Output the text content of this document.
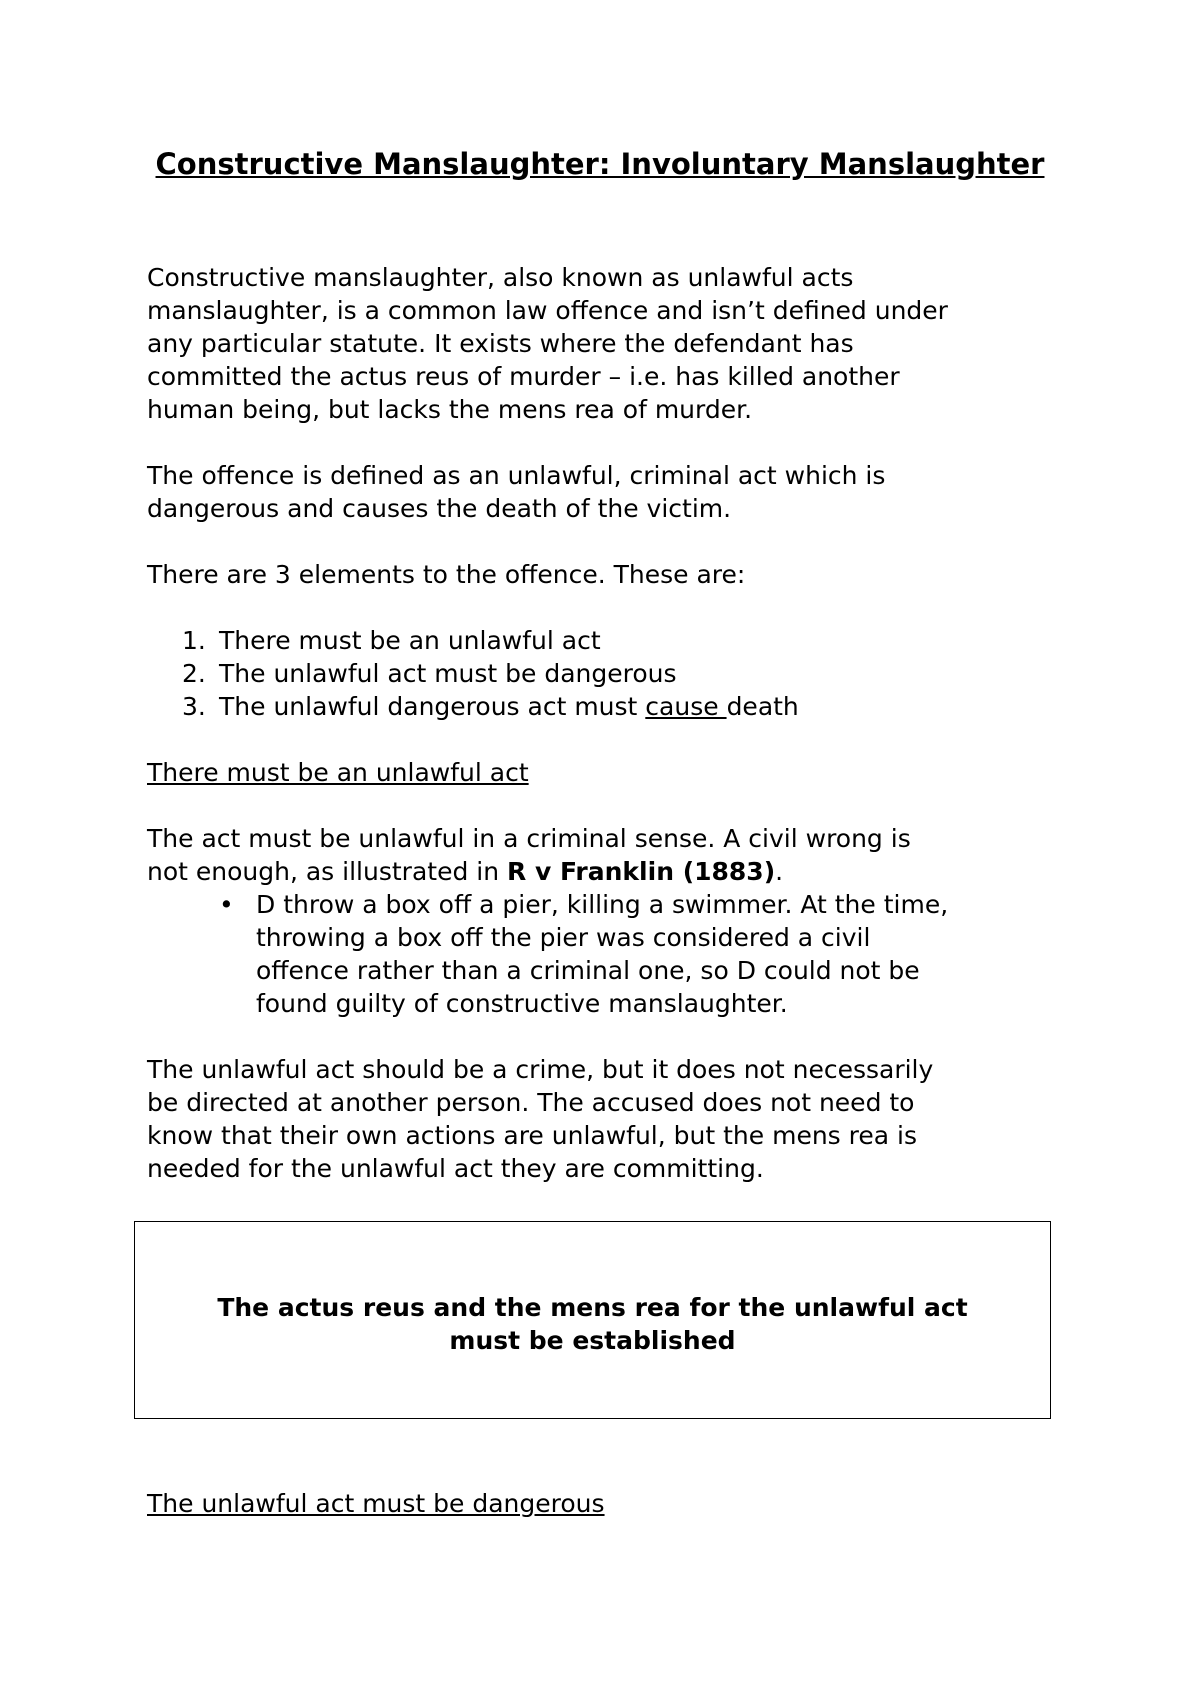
Constructive Manslaughter: Involuntary Manslaughter

Constructive manslaughter, also known as unlawful acts

manslaughter, is a common law offence and isn’t defined under

any particular statute. It exists where the defendant has

committed the actus reus of murder – i.e. has killed another

human being, but lacks the mens rea of murder.

The offence is defined as an unlawful, criminal act which is

dangerous and causes the death of the victim.

There are 3 elements to the offence. These are:

1. There must be an unlawful act
2. The unlawful act must be dangerous
3. The unlawful dangerous act must cause death

There must be an unlawful act

The act must be unlawful in a criminal sense. A civil wrong is

not enough, as illustrated in R v Franklin (1883).

• D throw a box off a pier, killing a swimmer. At the time,

throwing a box off the pier was considered a civil

offence rather than a criminal one, so D could not be

found guilty of constructive manslaughter.

The unlawful act should be a crime, but it does not necessarily

be directed at another person. The accused does not need to

know that their own actions are unlawful, but the mens rea is

needed for the unlawful act they are committing.

The actus reus and the mens rea for the unlawful act
must be established

The unlawful act must be dangerous
